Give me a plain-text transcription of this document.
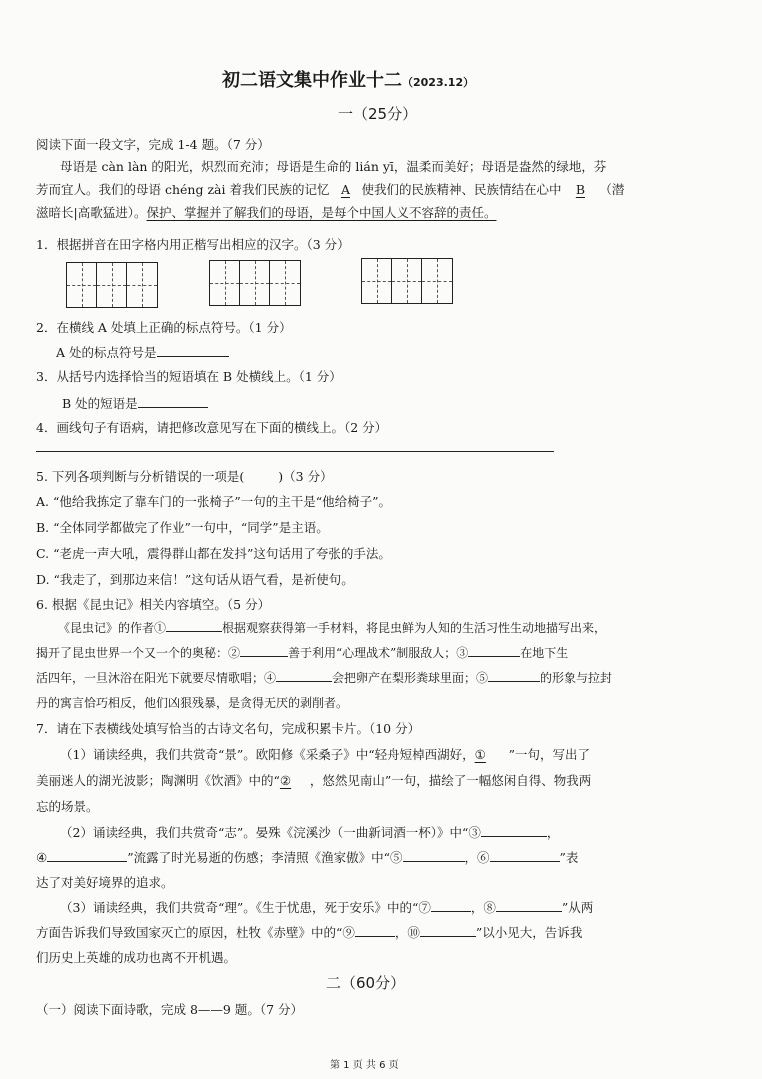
初二语文集中作业十二（2023.12）
一（25分）
阅读下面一段文字，完成 1-4 题。（7 分）
母语是 càn làn 的阳光，炽烈而充沛；母语是生命的 lián yī，温柔而美好；母语是盎然的绿地，芬
芳而宜人。我们的母语 chéng zài 着我们民族的记忆 A 使我们的民族精神、民族情结在心中 B （潜
滋暗长|高歌猛进）。保护、掌握并了解我们的母语，是每个中国人义不容辞的责任。
1．根据拼音在田字格内用正楷写出相应的汉字。（3 分）
2．在横线 A 处填上正确的标点符号。（1 分）
A 处的标点符号是
3．从括号内选择恰当的短语填在 B 处横线上。（1 分）
B 处的短语是
4．画线句子有语病，请把修改意见写在下面的横线上。（2 分）
5. 下列各项判断与分析错误的一项是(	)（3 分）
A. “他给我拣定了靠车门的一张椅子”一句的主干是“他给椅子”。
B. “全体同学都做完了作业”一句中，“同学”是主语。
C. “老虎一声大吼，震得群山都在发抖”这句话用了夸张的手法。
D. “我走了，到那边来信！”这句话从语气看，是祈使句。
6. 根据《昆虫记》相关内容填空。（5 分）
《昆虫记》的作者①	根据观察获得第一手材料，将昆虫鲜为人知的生活习性生动地描写出来，
揭开了昆虫世界一个又一个的奥秘：②	善于利用“心理战术”制服敌人；③	在地下生
活四年，一旦沐浴在阳光下就要尽情歌唱；④	会把卵产在梨形粪球里面；⑤	的形象与拉封
丹的寓言恰巧相反，他们凶狠残暴，是贪得无厌的剥削者。
7．请在下表横线处填写恰当的古诗文名句，完成积累卡片。（10 分）
（1）诵读经典，我们共赏奇“景”。欧阳修《采桑子》中“轻舟短棹西湖好，① ”一句，写出了
美丽迷人的湖光波影；陶渊明《饮酒》中的“② ，悠然见南山”一句，描绘了一幅悠闲自得、物我两
忘的场景。
（2）诵读经典，我们共赏奇“志”。晏殊《浣溪沙（一曲新词酒一杯）》中“③	，
④	”流露了时光易逝的伤感；李清照《渔家傲》中“⑤	，⑥	”表
达了对美好境界的追求。
（3）诵读经典，我们共赏奇“理”。《生于忧患，死于安乐》中的“⑦	，⑧	”从两
方面告诉我们导致国家灭亡的原因，杜牧《赤壁》中的“⑨	，⑩	”以小见大，告诉我
们历史上英雄的成功也离不开机遇。
二（60分）
（一）阅读下面诗歌，完成 8——9 题。（7 分）
第 1 页 共 6 页
